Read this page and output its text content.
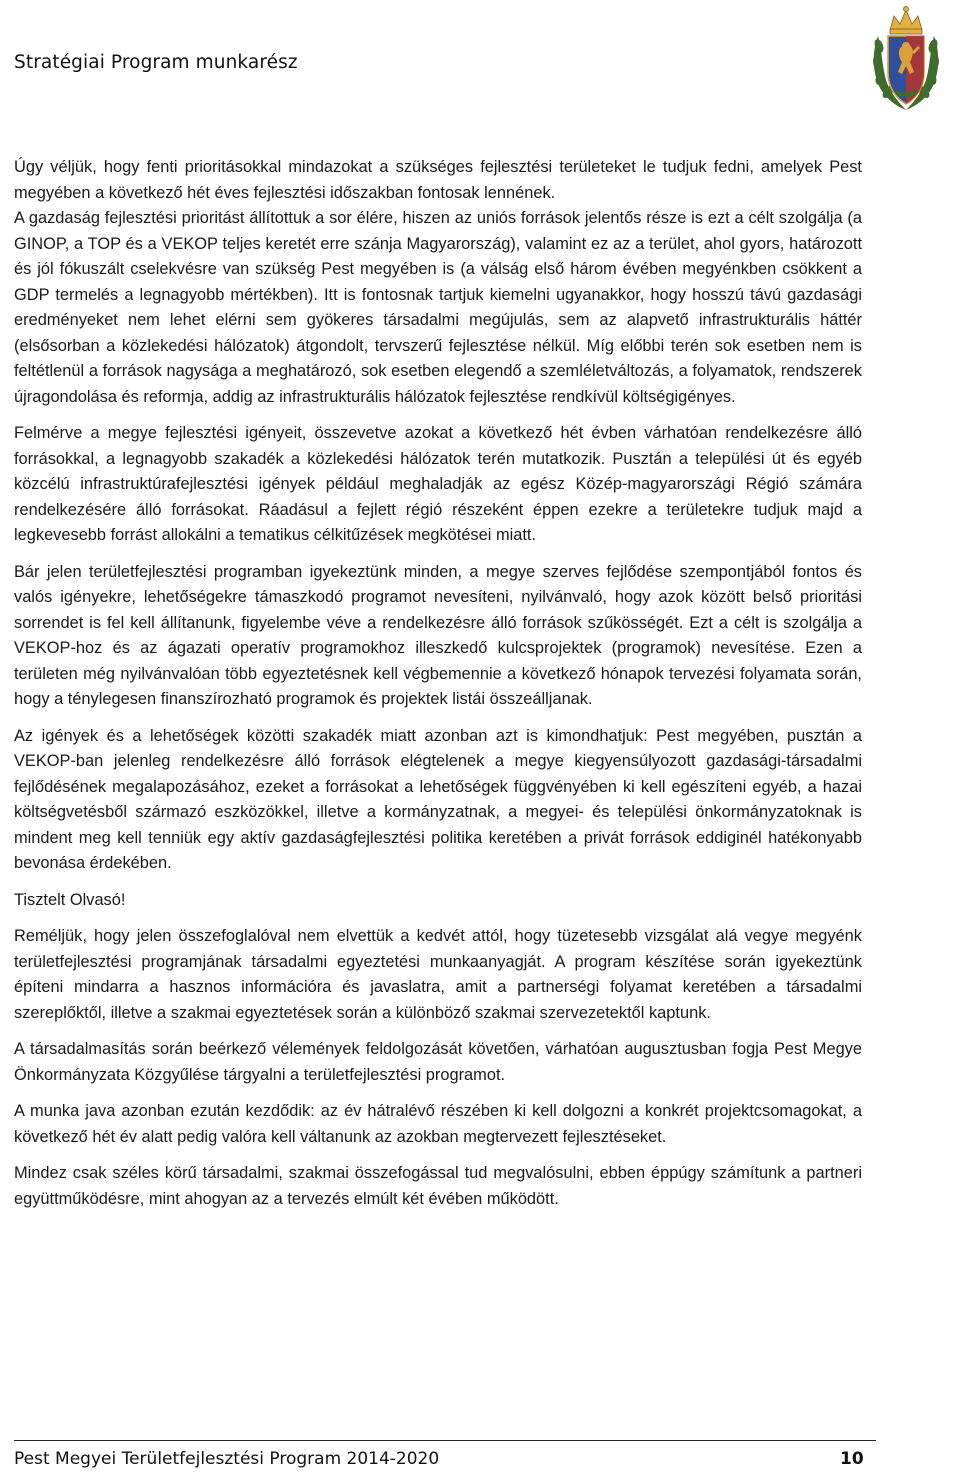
Stratégiai Program munkarész

Úgy véljük, hogy fenti prioritásokkal mindazokat a szükséges fejlesztési területeket le tudjuk fedni, amelyek Pest megyében a következő hét éves fejlesztési időszakban fontosak lennének.

A gazdaság fejlesztési prioritást állítottuk a sor élére, hiszen az uniós források jelentős része is ezt a célt szolgálja (a GINOP, a TOP és a VEKOP teljes keretét erre szánja Magyarország), valamint ez az a terület, ahol gyors, határozott és jól fókuszált cselekvésre van szükség Pest megyében is (a válság első három évében megyénkben csökkent a GDP termelés a legnagyobb mértékben). Itt is fontosnak tartjuk kiemelni ugyanakkor, hogy hosszú távú gazdasági eredményeket nem lehet elérni sem gyökeres társadalmi megújulás, sem az alapvető infrastrukturális háttér (elsősorban a közlekedési hálózatok) átgondolt, tervszerű fejlesztése nélkül. Míg előbbi terén sok esetben nem is feltétlenül a források nagysága a meghatározó, sok esetben elegendő a szemléletváltozás, a folyamatok, rendszerek újragondolása és reformja, addig az infrastrukturális hálózatok fejlesztése rendkívül költségigényes.

Felmérve a megye fejlesztési igényeit, összevetve azokat a következő hét évben várhatóan rendelkezésre álló forrásokkal, a legnagyobb szakadék a közlekedési hálózatok terén mutatkozik. Pusztán a települési út és egyéb közcélú infrastruktúrafejlesztési igények például meghaladják az egész Közép-magyarországi Régió számára rendelkezésére álló forrásokat. Ráadásul a fejlett régió részeként éppen ezekre a területekre tudjuk majd a legkevesebb forrást allokálni a tematikus célkitűzések megkötései miatt.

Bár jelen területfejlesztési programban igyekeztünk minden, a megye szerves fejlődése szempontjából fontos és valós igényekre, lehetőségekre támaszkodó programot nevesíteni, nyilvánvaló, hogy azok között belső prioritási sorrendet is fel kell állítanunk, figyelembe véve a rendelkezésre álló források szűkösségét. Ezt a célt is szolgálja a VEKOP-hoz és az ágazati operatív programokhoz illeszkedő kulcsprojektek (programok) nevesítése. Ezen a területen még nyilvánvalóan több egyeztetésnek kell végbemennie a következő hónapok tervezési folyamata során, hogy a ténylegesen finanszírozható programok és projektek listái összeálljanak.

Az igények és a lehetőségek közötti szakadék miatt azonban azt is kimondhatjuk: Pest megyében, pusztán a VEKOP-ban jelenleg rendelkezésre álló források elégtelenek a megye kiegyensúlyozott gazdasági-társadalmi fejlődésének megalapozásához, ezeket a forrásokat a lehetőségek függvényében ki kell egészíteni egyéb, a hazai költségvetésből származó eszközökkel, illetve a kormányzatnak, a megyei- és települési önkormányzatoknak is mindent meg kell tenniük egy aktív gazdaságfejlesztési politika keretében a privát források eddiginél hatékonyabb bevonása érdekében.

Tisztelt Olvasó!

Reméljük, hogy jelen összefoglalóval nem elvettük a kedvét attól, hogy tüzetesebb vizsgálat alá vegye megyénk területfejlesztési programjának társadalmi egyeztetési munkaanyagját. A program készítése során igyekeztünk építeni mindarra a hasznos információra és javaslatra, amit a partnerségi folyamat keretében a társadalmi szereplőktől, illetve a szakmai egyeztetések során a különböző szakmai szervezetektől kaptunk.

A társadalmasítás során beérkező vélemények feldolgozását követően, várhatóan augusztusban fogja Pest Megye Önkormányzata Közgyűlése tárgyalni a területfejlesztési programot.

A munka java azonban ezután kezdődik: az év hátralévő részében ki kell dolgozni a konkrét projektcsomagokat, a következő hét év alatt pedig valóra kell váltanunk az azokban megtervezett fejlesztéseket.

Mindez csak széles körű társadalmi, szakmai összefogással tud megvalósulni, ebben éppúgy számítunk a partneri együttműködésre, mint ahogyan az a tervezés elmúlt két évében működött.

Pest Megyei Területfejlesztési Program 2014-2020	10
